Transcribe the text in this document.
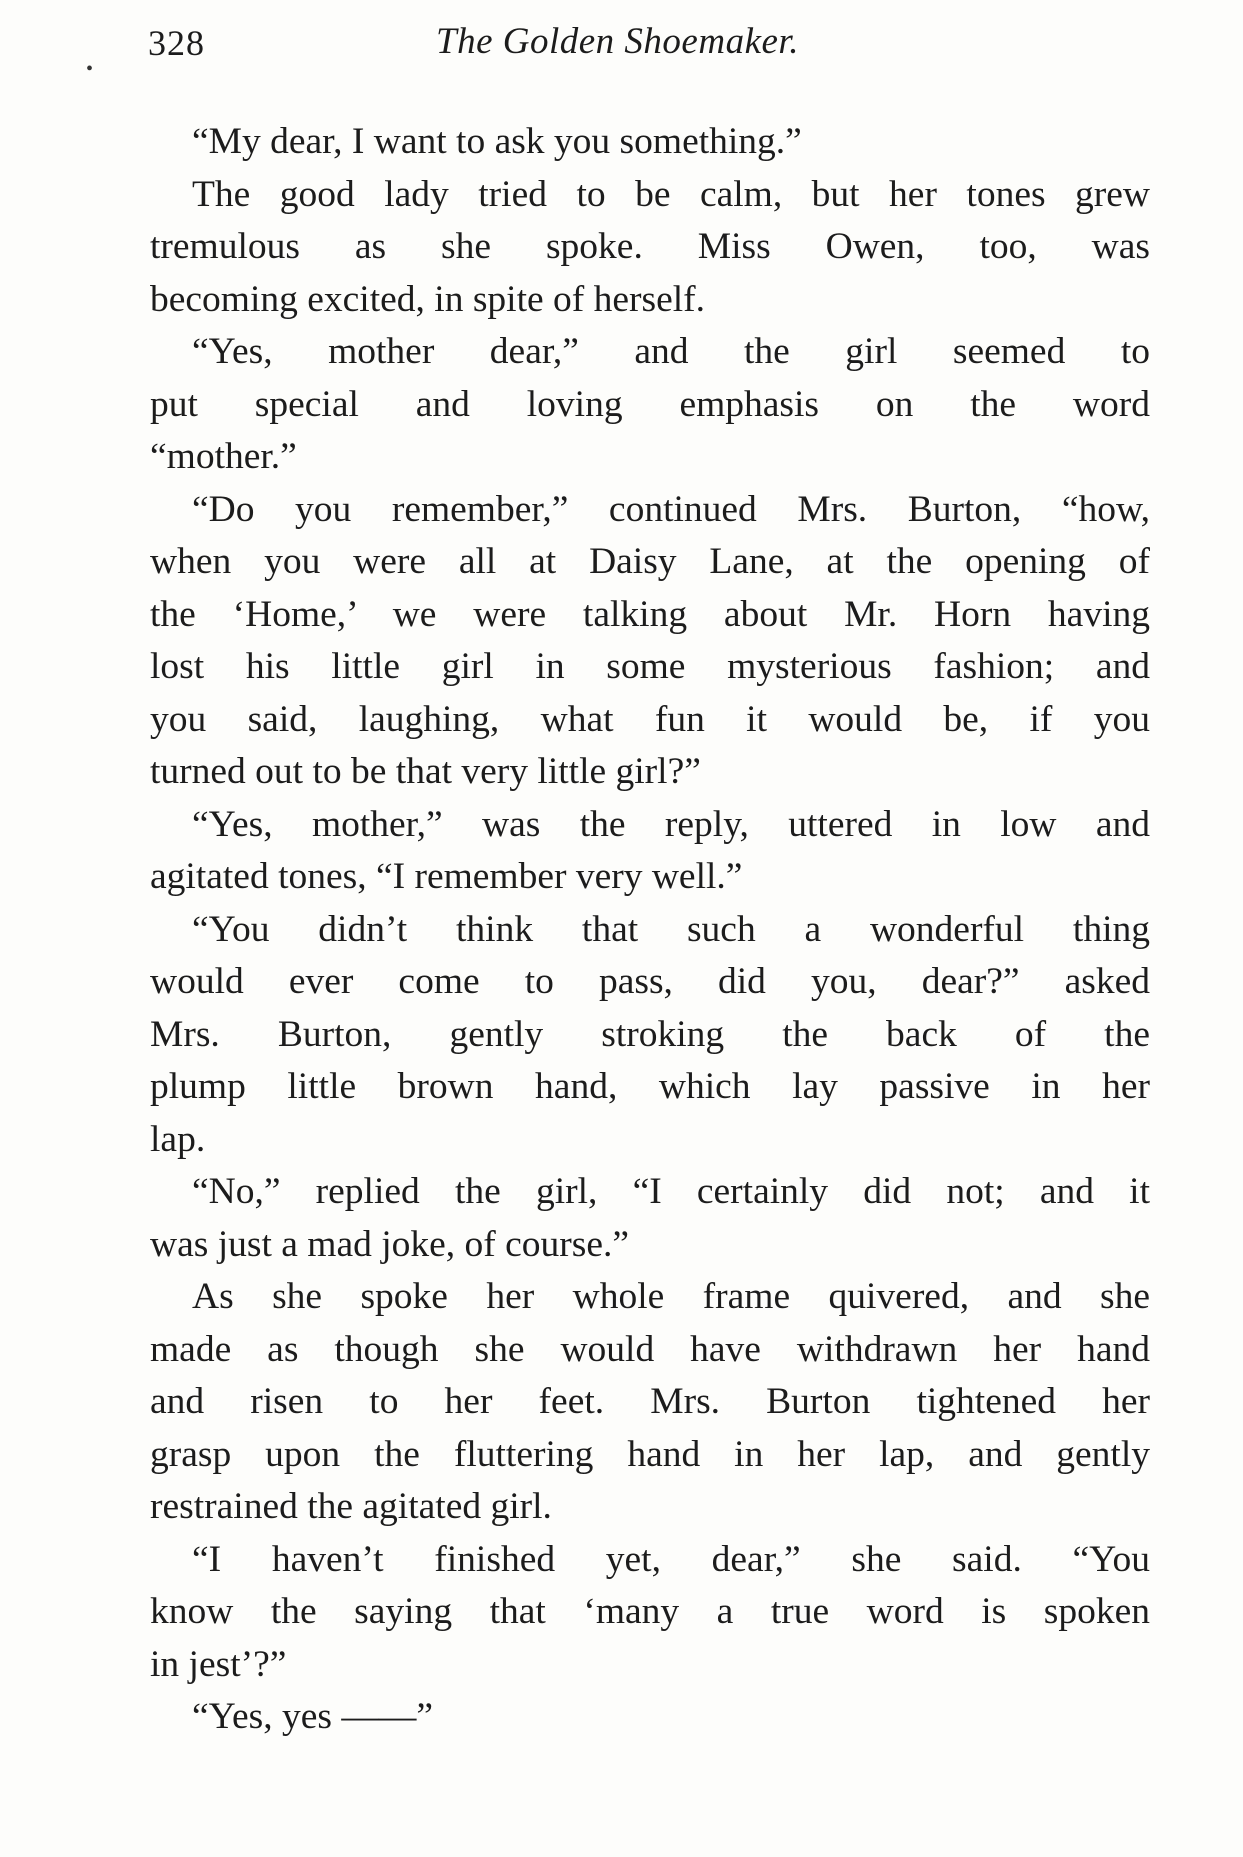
328	The Golden Shoemaker.
•
“My dear, I want to ask you something.”
The good lady tried to be calm, but her tones grew
tremulous as she spoke. Miss Owen, too, was
becoming excited, in spite of herself.
“Yes, mother dear,” and the girl seemed to
put special and loving emphasis on the word
“mother.”
“Do you remember,” continued Mrs. Burton, “how,
when you were all at Daisy Lane, at the opening of
the ‘Home,’ we were talking about Mr. Horn having
lost his little girl in some mysterious fashion; and
you said, laughing, what fun it would be, if you
turned out to be that very little girl?”
“Yes, mother,” was the reply, uttered in low and
agitated tones, “I remember very well.”
“You didn’t think that such a wonderful thing
would ever come to pass, did you, dear?” asked
Mrs. Burton, gently stroking the back of the
plump little brown hand, which lay passive in her
lap.
“No,” replied the girl, “I certainly did not; and it
was just a mad joke, of course.”
As she spoke her whole frame quivered, and she
made as though she would have withdrawn her hand
and risen to her feet. Mrs. Burton tightened her
grasp upon the fluttering hand in her lap, and gently
restrained the agitated girl.
“I haven’t finished yet, dear,” she said. “You
know the saying that ‘many a true word is spoken
in jest’?”
“Yes, yes ——”
